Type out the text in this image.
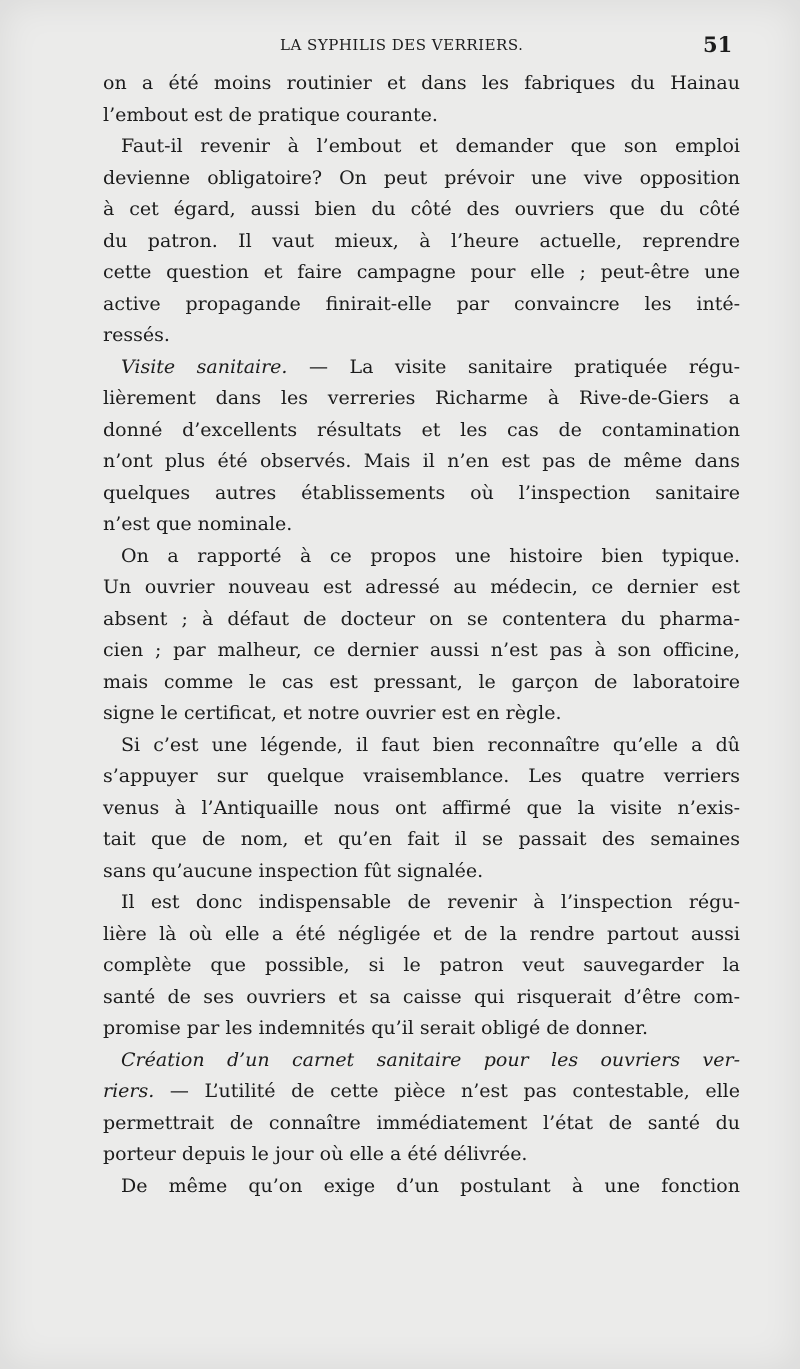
LA SYPHILIS DES VERRIERS.	51
on a été moins routinier et dans les fabriques du Hainau
l’embout est de pratique courante.
Faut-il revenir à l’embout et demander que son emploi
devienne obligatoire? On peut prévoir une vive opposition
à cet égard, aussi bien du côté des ouvriers que du côté
du patron. Il vaut mieux, à l’heure actuelle, reprendre
cette question et faire campagne pour elle ; peut-être une
active propagande finirait-elle par convaincre les inté-
ressés.
Visite sanitaire. — La visite sanitaire pratiquée régu-
lièrement dans les verreries Richarme à Rive-de-Giers a
donné d’excellents résultats et les cas de contamination
n’ont plus été observés. Mais il n’en est pas de même dans
quelques autres établissements où l’inspection sanitaire
n’est que nominale.
On a rapporté à ce propos une histoire bien typique.
Un ouvrier nouveau est adressé au médecin, ce dernier est
absent ; à défaut de docteur on se contentera du pharma-
cien ; par malheur, ce dernier aussi n’est pas à son officine,
mais comme le cas est pressant, le garçon de laboratoire
signe le certificat, et notre ouvrier est en règle.
Si c’est une légende, il faut bien reconnaître qu’elle a dû
s’appuyer sur quelque vraisemblance. Les quatre verriers
venus à l’Antiquaille nous ont affirmé que la visite n’exis-
tait que de nom, et qu’en fait il se passait des semaines
sans qu’aucune inspection fût signalée.
Il est donc indispensable de revenir à l’inspection régu-
lière là où elle a été négligée et de la rendre partout aussi
complète que possible, si le patron veut sauvegarder la
santé de ses ouvriers et sa caisse qui risquerait d’être com-
promise par les indemnités qu’il serait obligé de donner.
Création d’un carnet sanitaire pour les ouvriers ver-
riers. — L’utilité de cette pièce n’est pas contestable, elle
permettrait de connaître immédiatement l’état de santé du
porteur depuis le jour où elle a été délivrée.
De même qu’on exige d’un postulant à une fonction
